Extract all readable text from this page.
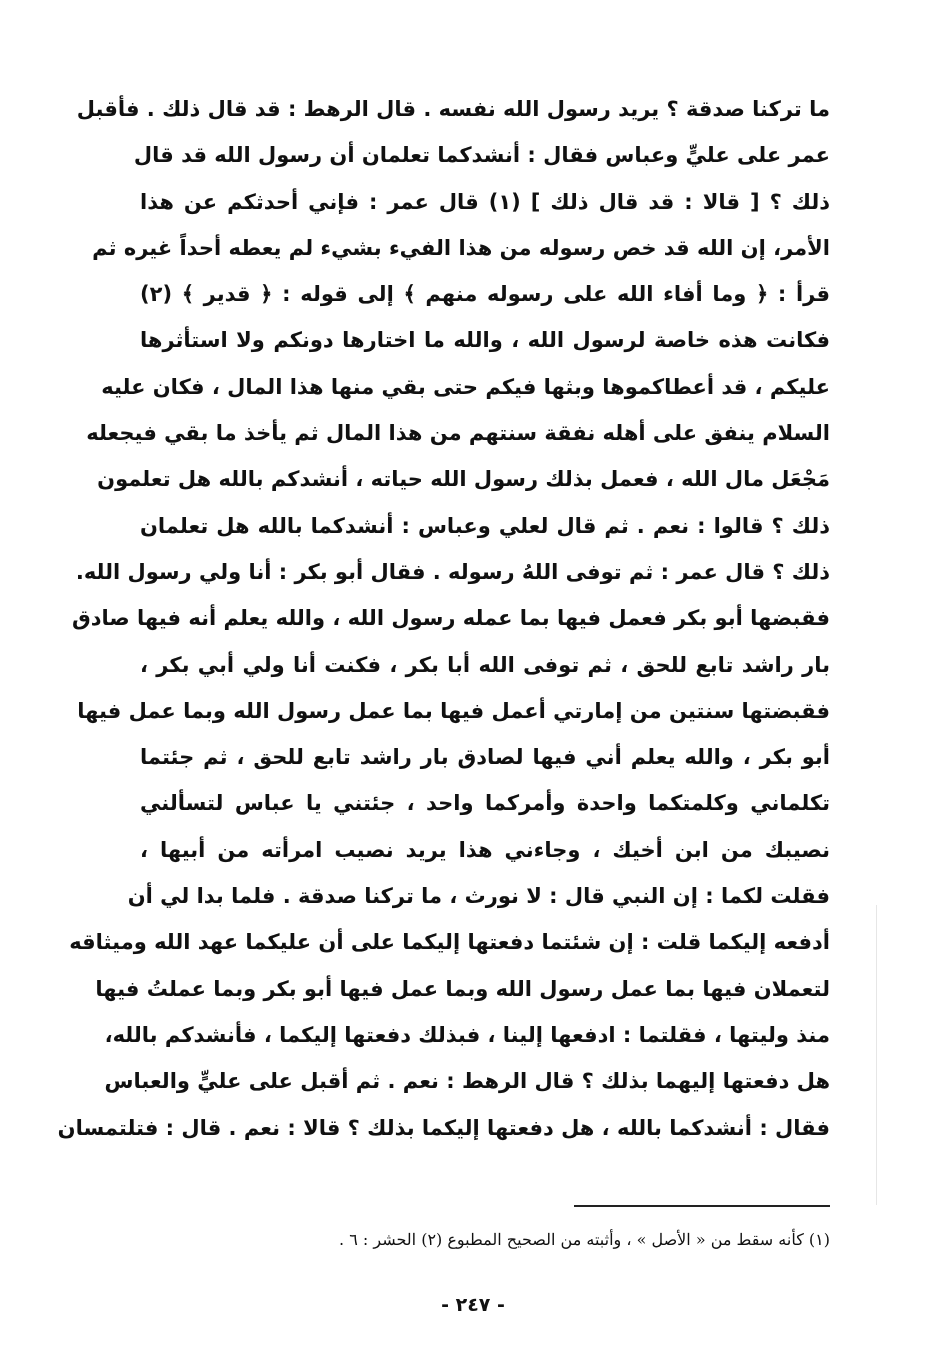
ما تركنا صدقة ؟ يريد رسول الله نفسه . قال الرهط : قد قال ذلك . فأقبل
عمر على عليٍّ وعباس فقال : أنشدكما تعلمان أن رسول الله قد قال
ذلك ؟ [ قالا : قد قال ذلك ] (١) قال عمر : فإني أحدثكم عن هذا
الأمر، إن الله قد خص رسوله من هذا الفيء بشيء لم يعطه أحداً غيره ثم
قرأ : ﴿ وما أفاء الله على رسوله منهم ﴾ إلى قوله : ﴿ قدير ﴾ (٢)
فكانت هذه خاصة لرسول الله ، والله ما اختارها دونكم ولا استأثرها
عليكم ، قد أعطاكموها وبثها فيكم حتى بقي منها هذا المال ، فكان عليه
السلام ينفق على أهله نفقة سنتهم من هذا المال ثم يأخذ ما بقي فيجعله
مَجْعَل مال الله ، فعمل بذلك رسول الله حياته ، أنشدكم بالله هل تعلمون
ذلك ؟ قالوا : نعم . ثم قال لعلي وعباس : أنشدكما بالله هل تعلمان
ذلك ؟ قال عمر : ثم توفى اللهُ رسوله . فقال أبو بكر : أنا ولي رسول الله.
فقبضها أبو بكر فعمل فيها بما عمله رسول الله ، والله يعلم أنه فيها صادق
بار راشد تابع للحق ، ثم توفى الله أبا بكر ، فكنت أنا ولي أبي بكر ،
فقبضتها سنتين من إمارتي أعمل فيها بما عمل رسول الله وبما عمل فيها
أبو بكر ، والله يعلم أني فيها لصادق بار راشد تابع للحق ، ثم جئتما
تكلماني وكلمتكما واحدة وأمركما واحد ، جئتني يا عباس لتسألني
نصيبك من ابن أخيك ، وجاءني هذا يريد نصيب امرأته من أبيها ،
فقلت لكما : إن النبي قال : لا نورث ، ما تركنا صدقة . فلما بدا لي أن
أدفعه إليكما قلت : إن شئتما دفعتها إليكما على أن عليكما عهد الله وميثاقه
لتعملان فيها بما عمل رسول الله وبما عمل فيها أبو بكر وبما عملتُ فيها
منذ وليتها ، فقلتما : ادفعها إلينا ، فبذلك دفعتها إليكما ، فأنشدكم بالله،
هل دفعتها إليهما بذلك ؟ قال الرهط : نعم . ثم أقبل على عليٍّ والعباس
فقال : أنشدكما بالله ، هل دفعتها إليكما بذلك ؟ قالا : نعم . قال : فتلتمسان
(١) كأنه سقط من « الأصل » ، وأثبته من الصحيح المطبوع (٢) الحشر : ٦ .
- ٢٤٧ -
